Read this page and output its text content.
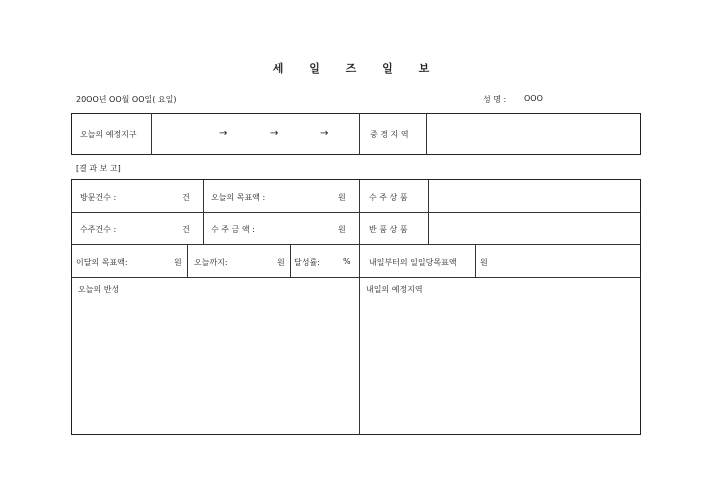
세 일 즈 일 보
20OO년 OO월 OO일( 요일)	성 명 : OOO
오늘의 예정지구	→	→	→	중 경 지 역
[결 과 보 고]
방문건수 :	건	오늘의 목표액 :	원	수 주 상 품
수주건수 :	건	수 주 금 액 :	원	반 품 상 품
이달의 목표액:	원 오늘까지:	원 달성률:	% 내일부터의 일일당목표액	원
오늘의 반성	내일의 예정지역
